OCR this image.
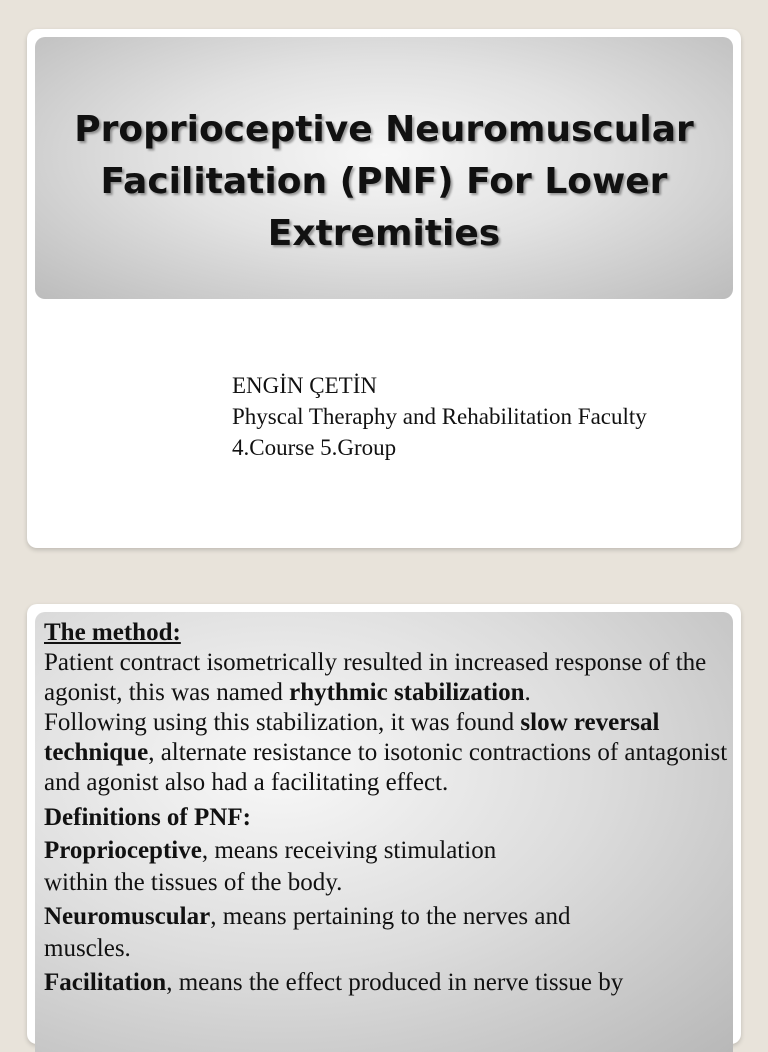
Proprioceptive Neuromuscular Facilitation (PNF) For Lower Extremities
ENGİN ÇETİN
Physcal Theraphy and Rehabilitation Faculty
4.Course 5.Group
The method:

Patient contract isometrically resulted in increased response of the agonist, this was named rhythmic stabilization.

Following using this stabilization, it was found slow reversal technique, alternate resistance to isotonic contractions of antagonist and agonist also had a facilitating effect.

Definitions of PNF:
Proprioceptive, means receiving stimulation
within the tissues of the body.
Neuromuscular, means pertaining to the nerves and
muscles.
Facilitation, means the effect produced in nerve tissue by
